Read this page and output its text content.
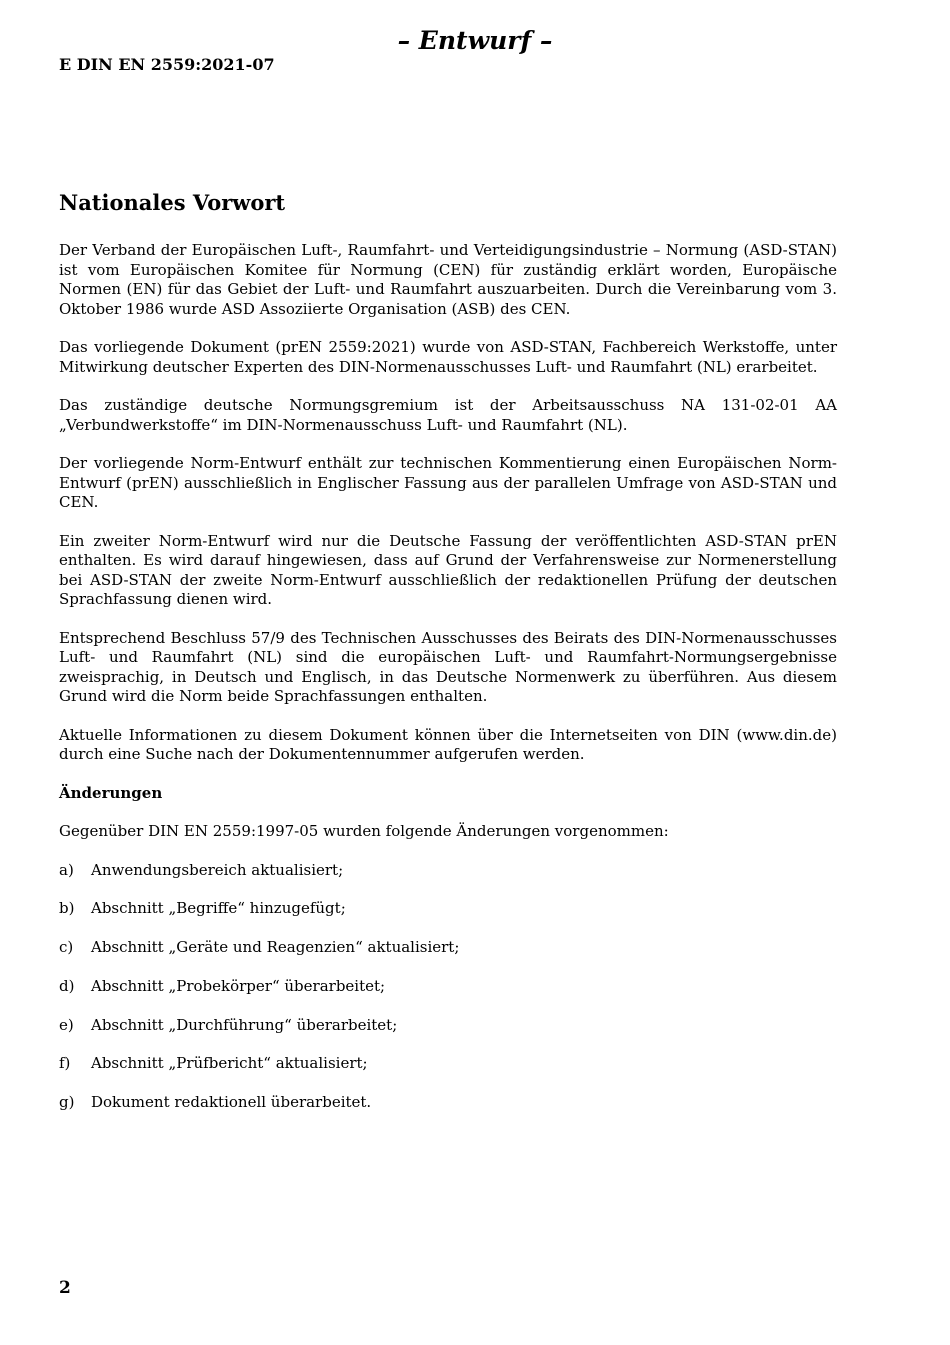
– Entwurf –
E DIN EN 2559:2021-07
Nationales Vorwort

Der Verband der Europäischen Luft-, Raumfahrt- und Verteidigungsindustrie – Normung (ASD-STAN) ist vom Europäischen Komitee für Normung (CEN) für zuständig erklärt worden, Europäische Normen (EN) für das Gebiet der Luft- und Raumfahrt auszuarbeiten. Durch die Vereinbarung vom 3. Oktober 1986 wurde ASD Assoziierte Organisation (ASB) des CEN.

Das vorliegende Dokument (prEN 2559:2021) wurde von ASD-STAN, Fachbereich Werkstoffe, unter Mitwirkung deutscher Experten des DIN-Normenausschusses Luft- und Raumfahrt (NL) erarbeitet.

Das zuständige deutsche Normungsgremium ist der Arbeitsausschuss NA 131-02-01 AA „Verbundwerkstoffe“ im DIN-Normenausschuss Luft- und Raumfahrt (NL).

Der vorliegende Norm-Entwurf enthält zur technischen Kommentierung einen Europäischen Norm-Entwurf (prEN) ausschließlich in Englischer Fassung aus der parallelen Umfrage von ASD-STAN und CEN.

Ein zweiter Norm-Entwurf wird nur die Deutsche Fassung der veröffentlichten ASD-STAN prEN enthalten. Es wird darauf hingewiesen, dass auf Grund der Verfahrensweise zur Normenerstellung bei ASD-STAN der zweite Norm-Entwurf ausschließlich der redaktionellen Prüfung der deutschen Sprachfassung dienen wird.

Entsprechend Beschluss 57/9 des Technischen Ausschusses des Beirats des DIN-Normenausschusses Luft- und Raumfahrt (NL) sind die europäischen Luft- und Raumfahrt-Normungsergebnisse zweisprachig, in Deutsch und Englisch, in das Deutsche Normenwerk zu überführen. Aus diesem Grund wird die Norm beide Sprachfassungen enthalten.

Aktuelle Informationen zu diesem Dokument können über die Internetseiten von DIN (www.din.de) durch eine Suche nach der Dokumentennummer aufgerufen werden.

Änderungen

Gegenüber DIN EN 2559:1997-05 wurden folgende Änderungen vorgenommen:

a)	Anwendungsbereich aktualisiert;
b)	Abschnitt „Begriffe“ hinzugefügt;
c)	Abschnitt „Geräte und Reagenzien“ aktualisiert;
d)	Abschnitt „Probekörper“ überarbeitet;
e)	Abschnitt „Durchführung“ überarbeitet;
f)	Abschnitt „Prüfbericht“ aktualisiert;
g)	Dokument redaktionell überarbeitet.
2
